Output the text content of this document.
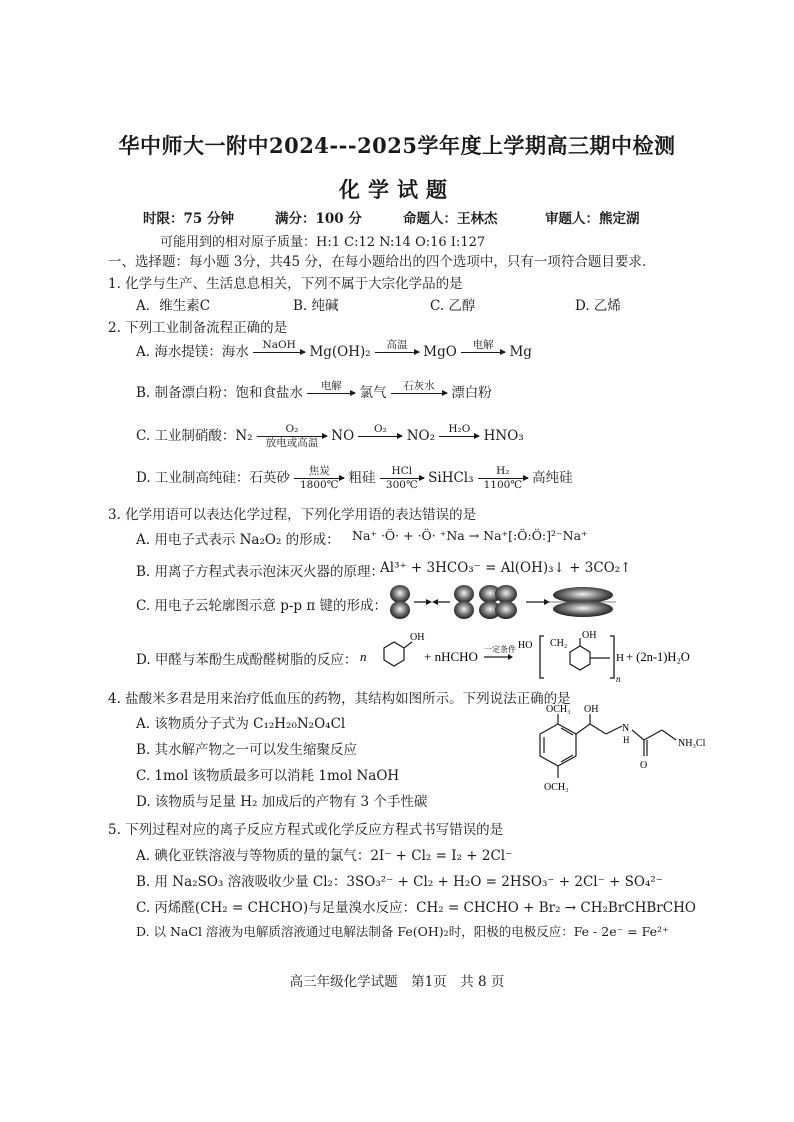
华中师大一附中2024---2025学年度上学期高三期中检测
化学试题
时限：75 分钟	满分：100 分	命题人：王林杰	审题人：熊定湖
可能用到的相对原子质量：H:1 C:12 N:14 O:16 I:127
一、选择题：每小题 3分，共45 分，在每小题给出的四个选项中，只有一项符合题目要求.
1. 化学与生产、生活息息相关，下列不属于大宗化学品的是
A．维生素C	B. 纯碱	C. 乙醇	D. 乙烯
2. 下列工业制备流程正确的是
A. 海水提镁：海水	NaOH
	Mg(OH)₂	高温
	MgO	电解
	Mg
B. 制备漂白粉：饱和食盐水	电解
	氯气	石灰水
	漂白粉
C. 工业制硝酸：N₂	O₂
放电或高温 NO	O₂
	NO₂	H₂O
HNO₃
D. 工业制高纯硅：石英砂	焦炭
1800℃ 粗硅	HCl
300℃ SiHCl₃ $\frac{\text{H₂}}{1100℃}$ 高纯硅
3. 化学用语可以表达化学过程，下列化学用语的表达错误的是
A. 用电子式表示 Na₂O₂ 的形成： Na⁺ ·Ö· + ·Ö· ⁺Na → Na⁺[:Ö:Ö:]²⁻Na⁺
B. 用离子方程式表示泡沫灭火器的原理：
Al³⁺ + 3HCO₃⁻ = Al(OH)₃↓ + 3CO₂↑
C. 用电子云轮廓图示意 p-p π 键的形成：
D. 甲醛与苯酚生成酚醛树脂的反应： n
OH
+ nHCHO 一定条件 HO CH₂
OH
H
n
+ (2n-1)H₂O
4. 盐酸米多君是用来治疗低血压的药物，其结构如图所示。下列说法正确的是
A. 该物质分子式为 C₁₂H₂₀N₂O₄Cl
B. 其水解产物之一可以发生缩聚反应
C. 1mol 该物质最多可以消耗 1mol NaOH
D. 该物质与足量 H₂ 加成后的产物有 3 个手性碳
OCH₃ OH
N
H
O
NH₃Cl
OCH₃
5. 下列过程对应的离子反应方程式或化学反应方程式书写错误的是
A. 碘化亚铁溶液与等物质的量的氯气：2I⁻ + Cl₂ = I₂ + 2Cl⁻
B. 用 Na₂SO₃ 溶液吸收少量 Cl₂：3SO₃²⁻ + Cl₂ + H₂O = 2HSO₃⁻ + 2Cl⁻ + SO₄²⁻
C. 丙烯醛(CH₂ = CHCHO)与足量溴水反应：CH₂ = CHCHO + Br₂ → CH₂BrCHBrCHO
D. 以 NaCl 溶液为电解质溶液通过电解法制备 Fe(OH)₂时，阳极的电极反应：Fe - 2e⁻ = Fe²⁺
高三年级化学试题　第1页　共 8 页
